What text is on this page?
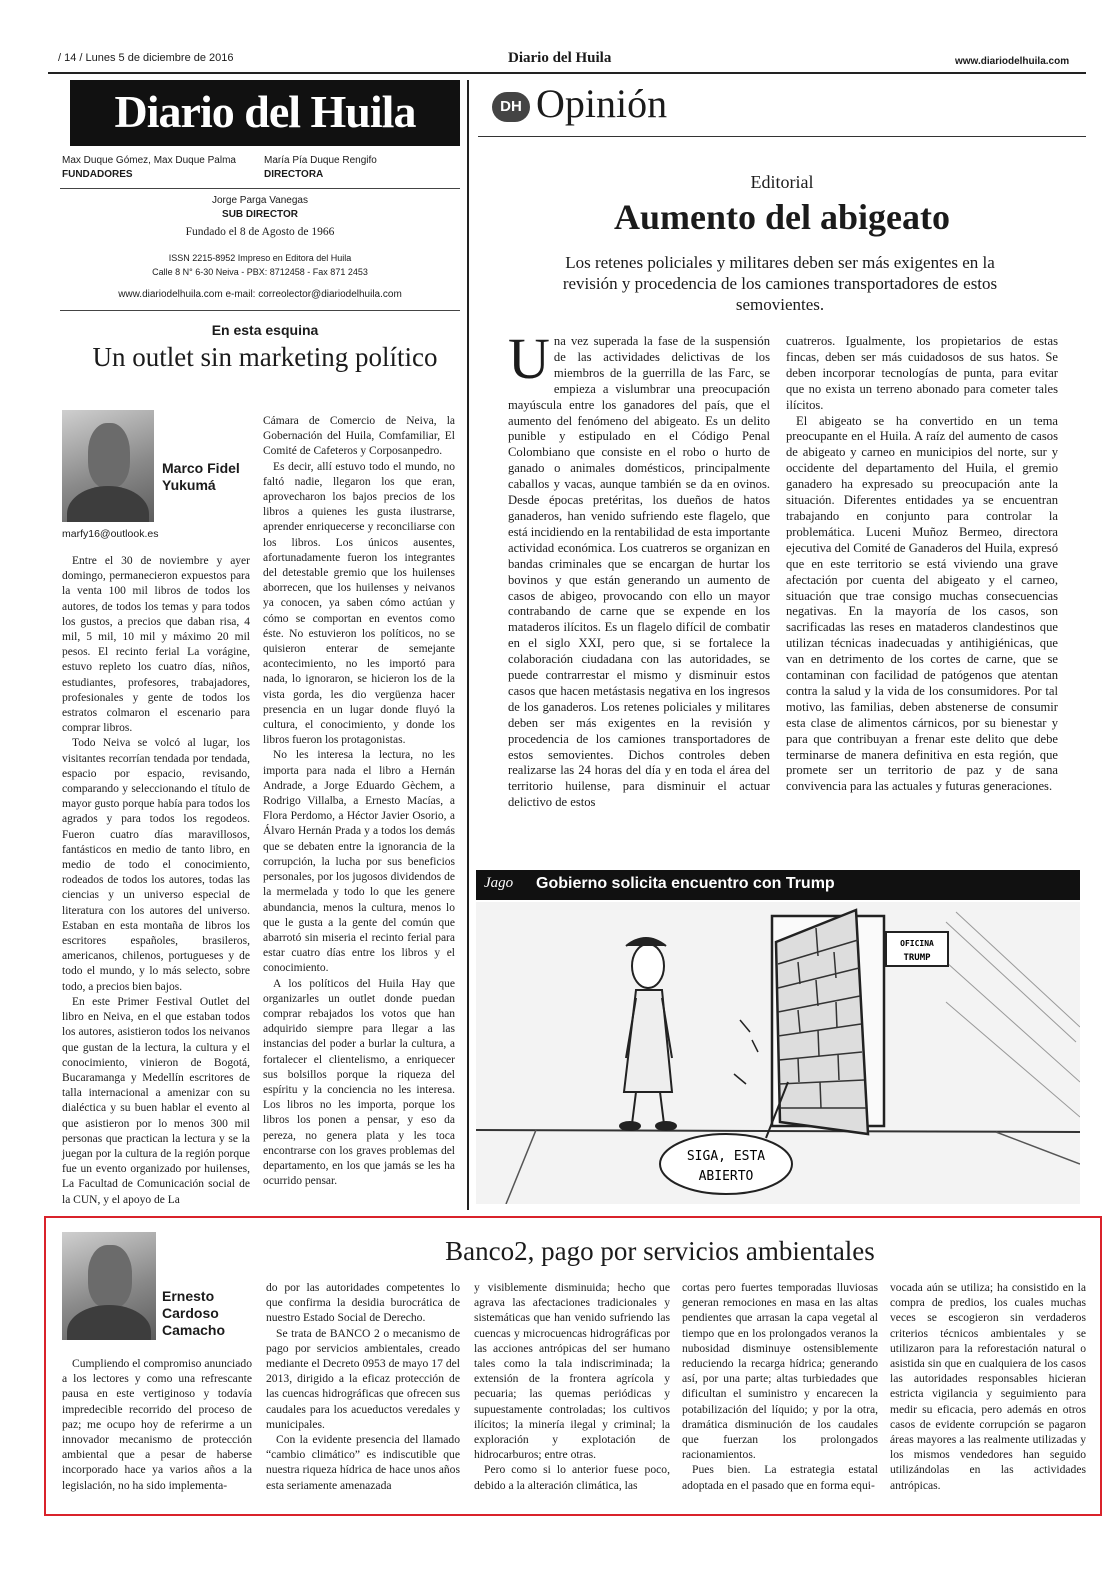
/ 14 / Lunes 5 de diciembre de 2016	Diario del Huila	www.diariodelhuila.com
Diario del Huila
Max Duque Gómez, Max Duque Palma
FUNDADORES
María Pía Duque Rengifo
DIRECTORA
Jorge Parga Vanegas
SUB DIRECTOR
Fundado el 8 de Agosto de 1966
ISSN 2215-8952 Impreso en Editora del Huila
Calle 8 N° 6-30 Neiva - PBX: 8712458 - Fax 871 2453
www.diariodelhuila.com e-mail: correolector@diariodelhuila.com
DH Opinión
Editorial
Aumento del abigeato
Los retenes policiales y militares deben ser más exigentes en la revisión y procedencia de los camiones transportadores de estos semovientes.

Una vez superada la fase de la suspensión de las actividades delictivas de los miembros de la guerrilla de las Farc, se empieza a vislumbrar una preocupación mayúscula entre los ganadores del país, que el aumento del fenómeno del abigeato. Es un delito punible y estipulado en el Código Penal Colombiano que consiste en el robo o hurto de ganado o animales domésticos, principalmente caballos y vacas, aunque también se da en ovinos. Desde épocas pretéritas, los dueños de hatos ganaderos, han venido sufriendo este flagelo, que está incidiendo en la rentabilidad de esta importante actividad económica. Los cuatreros se organizan en bandas criminales que se encargan de hurtar los bovinos y que están generando un aumento de casos de abigeo, provocando con ello un mayor contrabando de carne que se expende en los mataderos ilícitos. Es un flagelo difícil de combatir en el siglo XXI, pero que, si se fortalece la colaboración ciudadana con las autoridades, se puede contrarrestar el mismo y disminuir estos casos que hacen metástasis negativa en los ingresos de los ganaderos. Los retenes policiales y militares deben ser más exigentes en la revisión y procedencia de los camiones transportadores de estos semovientes. Dichos controles deben realizarse las 24 horas del día y en toda el área del territorio huilense, para disminuir el actuar delictivo de estos

cuatreros. Igualmente, los propietarios de estas fincas, deben ser más cuidadosos de sus hatos. Se deben incorporar tecnologías de punta, para evitar que no exista un terreno abonado para cometer tales ilícitos.

El abigeato se ha convertido en un tema preocupante en el Huila. A raíz del aumento de casos de abigeato y carneo en municipios del norte, sur y occidente del departamento del Huila, el gremio ganadero ha expresado su preocupación ante la situación. Diferentes entidades ya se encuentran trabajando en conjunto para controlar la problemática. Luceni Muñoz Bermeo, directora ejecutiva del Comité de Ganaderos del Huila, expresó que en este territorio se está viviendo una grave afectación por cuenta del abigeato y el carneo, situación que trae consigo muchas consecuencias negativas. En la mayoría de los casos, son sacrificadas las reses en mataderos clandestinos que utilizan técnicas inadecuadas y antihigiénicas, que van en detrimento de los cortes de carne, que se contaminan con facilidad de patógenos que atentan contra la salud y la vida de los consumidores. Por tal motivo, las familias, deben abstenerse de consumir esta clase de alimentos cárnicos, por su bienestar y para que contribuyan a frenar este delito que debe terminarse de manera definitiva en esta región, que promete ser un territorio de paz y de sana convivencia para las actuales y futuras generaciones.

En esta esquina
Un outlet sin marketing político
Marco Fidel Yukumá
marfy16@outlook.es

Entre el 30 de noviembre y ayer domingo, permanecieron expuestos para la venta 100 mil libros de todos los autores, de todos los temas y para todos los gustos, a precios que daban risa, 4 mil, 5 mil, 10 mil y máximo 20 mil pesos. El recinto ferial La vorágine, estuvo repleto los cuatro días, niños, estudiantes, profesores, trabajadores, profesionales y gente de todos los estratos colmaron el escenario para comprar libros.

Todo Neiva se volcó al lugar, los visitantes recorrían tendada por tendada, espacio por espacio, revisando, comparando y seleccionando el título de mayor gusto porque había para todos los agrados y para todos los regodeos. Fueron cuatro días maravillosos, fantásticos en medio de tanto libro, en medio de todo el conocimiento, rodeados de todos los autores, todas las ciencias y un universo especial de literatura con los autores del universo. Estaban en esta montaña de libros los escritores españoles, brasileros, americanos, chilenos, portugueses y de todo el mundo, y lo más selecto, sobre todo, a precios bien bajos.

En este Primer Festival Outlet del libro en Neiva, en el que estaban todos los autores, asistieron todos los neivanos que gustan de la lectura, la cultura y el conocimiento, vinieron de Bogotá, Bucaramanga y Medellín escritores de talla internacional a amenizar con su dialéctica y su buen hablar el evento al que asistieron por lo menos 300 mil personas que practican la lectura y se la juegan por la cultura de la región porque fue un evento organizado por huilenses, La Facultad de Comunicación social de la CUN, y el apoyo de La

Cámara de Comercio de Neiva, la Gobernación del Huila, Comfamiliar, El Comité de Cafeteros y Corposanpedro.

Es decir, allí estuvo todo el mundo, no faltó nadie, llegaron los que eran, aprovecharon los bajos precios de los libros a quienes les gusta ilustrarse, aprender enriquecerse y reconciliarse con los libros. Los únicos ausentes, afortunadamente fueron los integrantes del detestable gremio que los huilenses aborrecen, que los huilenses y neivanos ya conocen, ya saben cómo actúan y cómo se comportan en eventos como éste. No estuvieron los políticos, no se quisieron enterar de semejante acontecimiento, no les importó para nada, lo ignoraron, se hicieron los de la vista gorda, les dio vergüenza hacer presencia en un lugar donde fluyó la cultura, el conocimiento, y donde los libros fueron los protagonistas.

No les interesa la lectura, no les importa para nada el libro a Hernán Andrade, a Jorge Eduardo Gèchem, a Rodrigo Villalba, a Ernesto Macías, a Flora Perdomo, a Héctor Javier Osorio, a Álvaro Hernán Prada y a todos los demás que se debaten entre la ignorancia de la corrupción, la lucha por sus beneficios personales, por los jugosos dividendos de la mermelada y todo lo que les genere abundancia, menos la cultura, menos lo que le gusta a la gente del común que abarrotó sin miseria el recinto ferial para estar cuatro días entre los libros y el conocimiento.

A los políticos del Huila Hay que organizarles un outlet donde puedan comprar rebajados los votos que han adquirido siempre para llegar a las instancias del poder a burlar la cultura, a fortalecer el clientelismo, a enriquecer sus bolsillos porque la riqueza del espíritu y la conciencia no les interesa. Los libros no les importa, porque los libros los ponen a pensar, y eso da pereza, no genera plata y les toca encontrarse con los graves problemas del departamento, en los que jamás se les ha ocurrido pensar.

Jago Gobierno solicita encuentro con Trump
OFICINA
TRUMP
SIGA, ESTA
ABIERTO
Banco2, pago por servicios ambientales
Ernesto Cardoso Camacho

Cumpliendo el compromiso anunciado a los lectores y como una refrescante pausa en este vertiginoso y todavía impredecible recorrido del proceso de paz; me ocupo hoy de referirme a un innovador mecanismo de protección ambiental que a pesar de haberse incorporado hace ya varios años a la legislación, no ha sido implementa-

do por las autoridades competentes lo que confirma la desidia burocrática de nuestro Estado Social de Derecho.

Se trata de BANCO 2 o mecanismo de pago por servicios ambientales, creado mediante el Decreto 0953 de mayo 17 del 2013, dirigido a la eficaz protección de las cuencas hidrográficas que ofrecen sus caudales para los acueductos veredales y municipales.

Con la evidente presencia del llamado “cambio climático” es indiscutible que nuestra riqueza hídrica de hace unos años esta seriamente amenazada

y visiblemente disminuida; hecho que agrava las afectaciones tradicionales y sistemáticas que han venido sufriendo las cuencas y microcuencas hidrográficas por las acciones antrópicas del ser humano tales como la tala indiscriminada; la extensión de la frontera agrícola y pecuaria; las quemas periódicas y supuestamente controladas; los cultivos ilícitos; la minería ilegal y criminal; la exploración y explotación de hidrocarburos; entre otras.

Pero como si lo anterior fuese poco, debido a la alteración climática, las

cortas pero fuertes temporadas lluviosas generan remociones en masa en las altas pendientes que arrasan la capa vegetal al tiempo que en los prolongados veranos la nubosidad disminuye ostensiblemente reduciendo la recarga hídrica; generando así, por una parte; altas turbiedades que dificultan el suministro y encarecen la potabilización del líquido; y por la otra, dramática disminución de los caudales que fuerzan los prolongados racionamientos.

Pues bien. La estrategia estatal adoptada en el pasado que en forma equi-

vocada aún se utiliza; ha consistido en la compra de predios, los cuales muchas veces se escogieron sin verdaderos criterios técnicos ambientales y se utilizaron para la reforestación natural o asistida sin que en cualquiera de los casos las autoridades responsables hicieran estricta vigilancia y seguimiento para medir su eficacia, pero además en otros casos de evidente corrupción se pagaron áreas mayores a las realmente utilizadas y los mismos vendedores han seguido utilizándolas en las actividades antrópicas.
